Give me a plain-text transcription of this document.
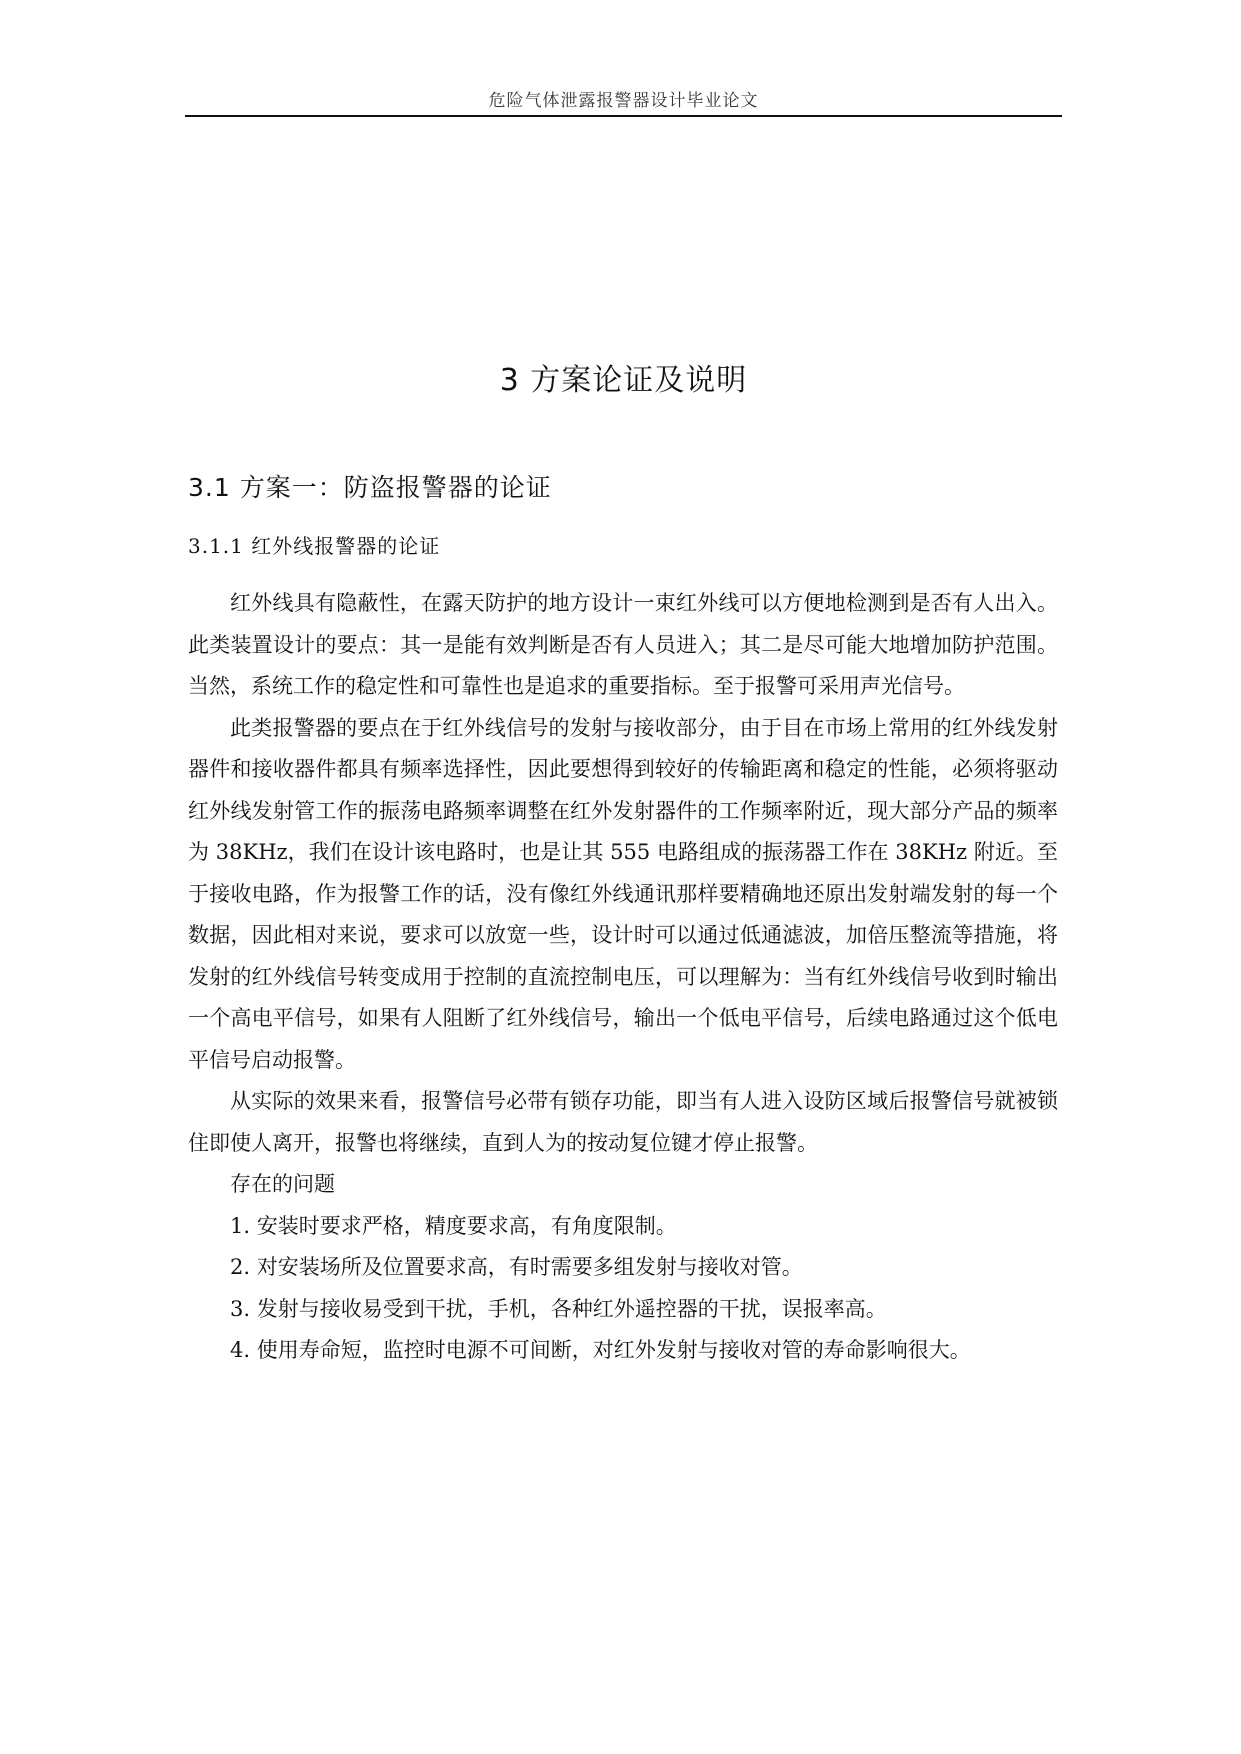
危险气体泄露报警器设计毕业论文
3 方案论证及说明
3.1 方案一：防盗报警器的论证
3.1.1 红外线报警器的论证

红外线具有隐蔽性，在露天防护的地方设计一束红外线可以方便地检测到是否有人出入。此类装置设计的要点：其一是能有效判断是否有人员进入；其二是尽可能大地增加防护范围。当然，系统工作的稳定性和可靠性也是追求的重要指标。至于报警可采用声光信号。

此类报警器的要点在于红外线信号的发射与接收部分，由于目在市场上常用的红外线发射器件和接收器件都具有频率选择性，因此要想得到较好的传输距离和稳定的性能，必须将驱动红外线发射管工作的振荡电路频率调整在红外发射器件的工作频率附近，现大部分产品的频率为 38KHz，我们在设计该电路时，也是让其 555 电路组成的振荡器工作在 38KHz 附近。至于接收电路，作为报警工作的话，没有像红外线通讯那样要精确地还原出发射端发射的每一个数据，因此相对来说，要求可以放宽一些，设计时可以通过低通滤波，加倍压整流等措施，将发射的红外线信号转变成用于控制的直流控制电压，可以理解为：当有红外线信号收到时输出一个高电平信号，如果有人阻断了红外线信号，输出一个低电平信号，后续电路通过这个低电平信号启动报警。

从实际的效果来看，报警信号必带有锁存功能，即当有人进入设防区域后报警信号就被锁住即使人离开，报警也将继续，直到人为的按动复位键才停止报警。

存在的问题

1. 安装时要求严格，精度要求高，有角度限制。

2. 对安装场所及位置要求高，有时需要多组发射与接收对管。

3. 发射与接收易受到干扰，手机，各种红外遥控器的干扰，误报率高。

4. 使用寿命短，监控时电源不可间断，对红外发射与接收对管的寿命影响很大。
